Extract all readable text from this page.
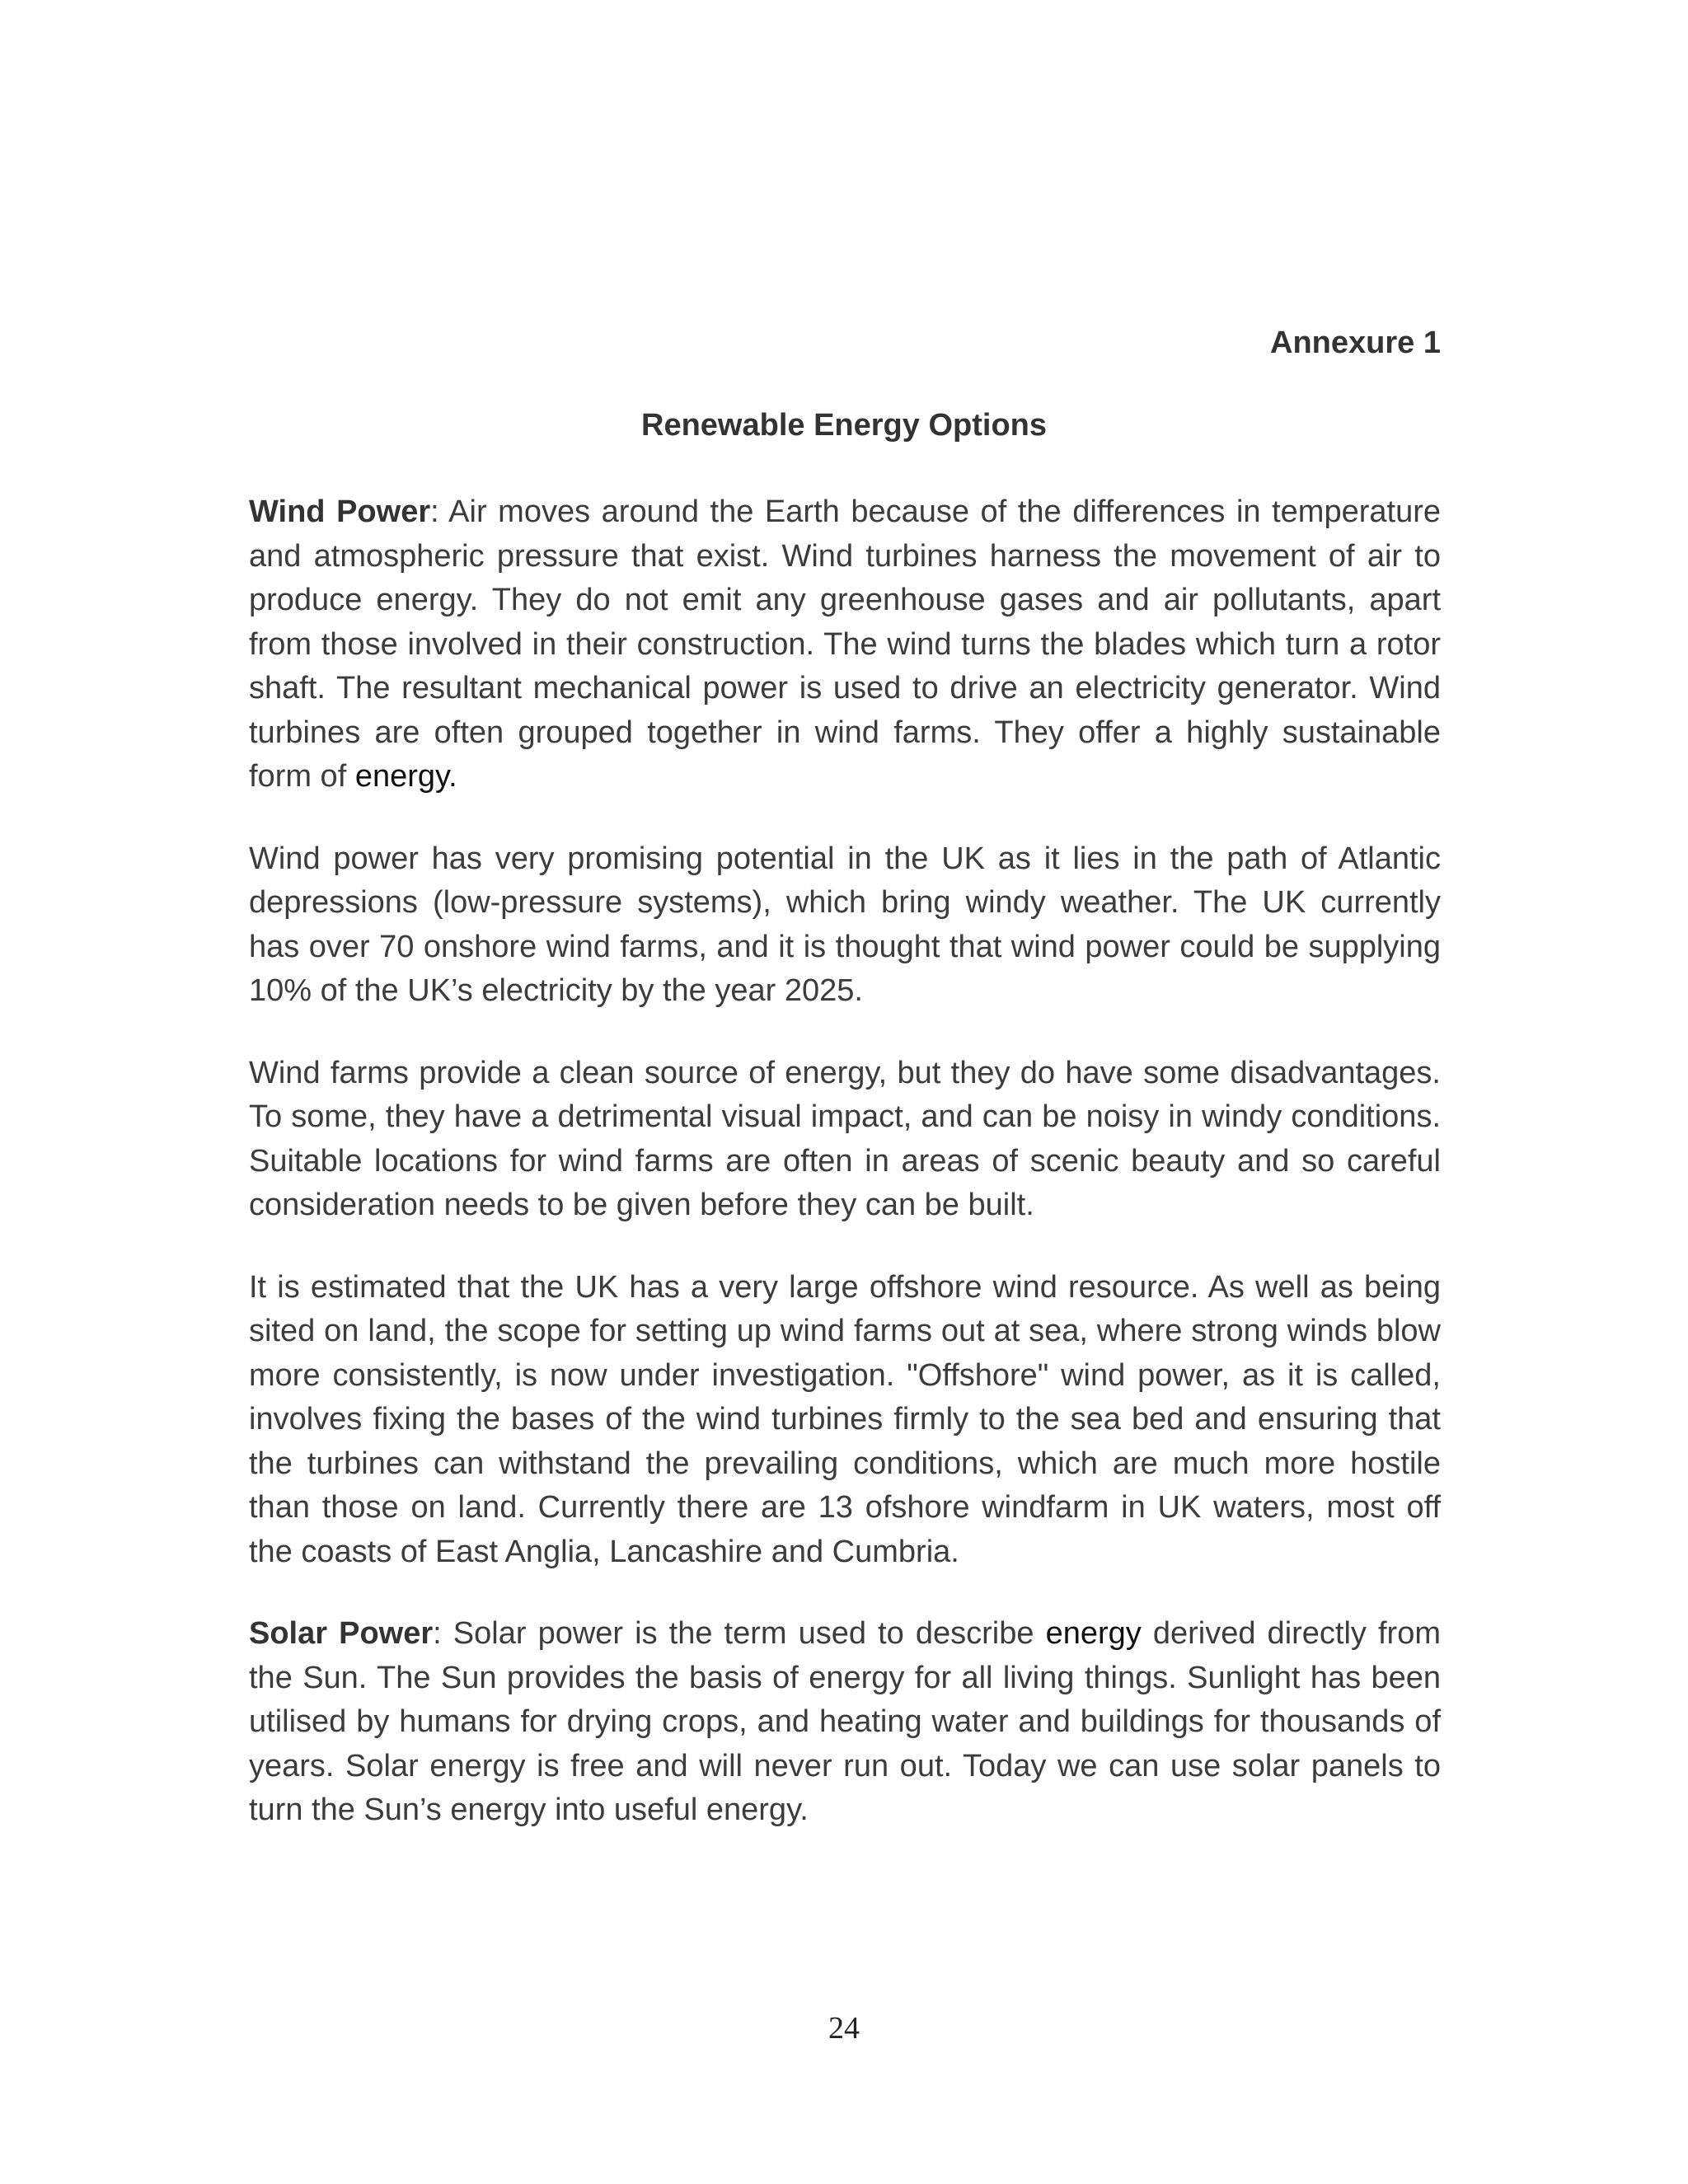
Annexure 1
Renewable Energy Options

Wind Power: Air moves around the Earth because of the differences in temperature and atmospheric pressure that exist. Wind turbines harness the movement of air to produce energy. They do not emit any greenhouse gases and air pollutants, apart from those involved in their construction. The wind turns the blades which turn a rotor shaft. The resultant mechanical power is used to drive an electricity generator. Wind turbines are often grouped together in wind farms. They offer a highly sustainable form of energy.

Wind power has very promising potential in the UK as it lies in the path of Atlantic depressions (low-pressure systems), which bring windy weather. The UK currently has over 70 onshore wind farms, and it is thought that wind power could be supplying 10% of the UK’s electricity by the year 2025.

Wind farms provide a clean source of energy, but they do have some disadvantages. To some, they have a detrimental visual impact, and can be noisy in windy conditions. Suitable locations for wind farms are often in areas of scenic beauty and so careful consideration needs to be given before they can be built.

It is estimated that the UK has a very large offshore wind resource. As well as being sited on land, the scope for setting up wind farms out at sea, where strong winds blow more consistently, is now under investigation. "Offshore" wind power, as it is called, involves fixing the bases of the wind turbines firmly to the sea bed and ensuring that the turbines can withstand the prevailing conditions, which are much more hostile than those on land. Currently there are 13 ofshore windfarm in UK waters, most off the coasts of East Anglia, Lancashire and Cumbria.

Solar Power: Solar power is the term used to describe energy derived directly from the Sun. The Sun provides the basis of energy for all living things. Sunlight has been utilised by humans for drying crops, and heating water and buildings for thousands of years. Solar energy is free and will never run out. Today we can use solar panels to turn the Sun’s energy into useful energy.

24
